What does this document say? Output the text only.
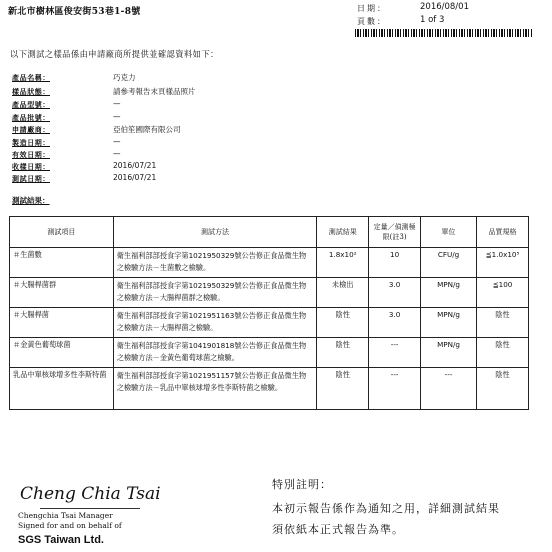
新北市樹林區俊安街53巷1-8號	日期：	2016/08/01
頁數：	1 of 3
以下測試之樣品係由申請廠商所提供並確認資料如下：
產品名稱：	巧克力
樣品狀態：	請參考報告末頁樣品照片
產品型號：	—
產品批號：	—
申請廠商：	亞伯笙國際有限公司
製造日期：	—
有效日期：	—
收樣日期：	2016/07/21
測試日期：	2016/07/21
測試結果：
測試項目	測試方法	測試結果	定量／偵測極限(註3)	單位	品質規格
＃生菌數	衛生福利部部授食字第1021950329號公告修正食品微生物之檢驗方法－生菌數之檢驗。	1.8x10²	10	CFU/g	≦1.0x10⁵
＃大腸桿菌群	衛生福利部部授食字第1021950329號公告修正食品微生物之檢驗方法－大腸桿菌群之檢驗。	未檢出	3.0	MPN/g	≦100
＃大腸桿菌	衛生福利部部授食字第1021951163號公告修正食品微生物之檢驗方法－大腸桿菌之檢驗。	陰性	3.0	MPN/g	陰性
＃金黃色葡萄球菌	衛生福利部部授食字第1041901818號公告修正食品微生物之檢驗方法－金黃色葡萄球菌之檢驗。	陰性	---	MPN/g	陰性
乳品中單核球增多性李斯特菌	衛生福利部部授食字第1021951157號公告修正食品微生物之檢驗方法－乳品中單核球增多性李斯特菌之檢驗。	陰性	---	---	陰性
Cheng Chia Tsai
Chengchia Tsai Manager
Signed for and on behalf of
SGS Taiwan Ltd.
特別註明：
本初示報告係作為通知之用，詳細測試結果
須依紙本正式報告為準。
